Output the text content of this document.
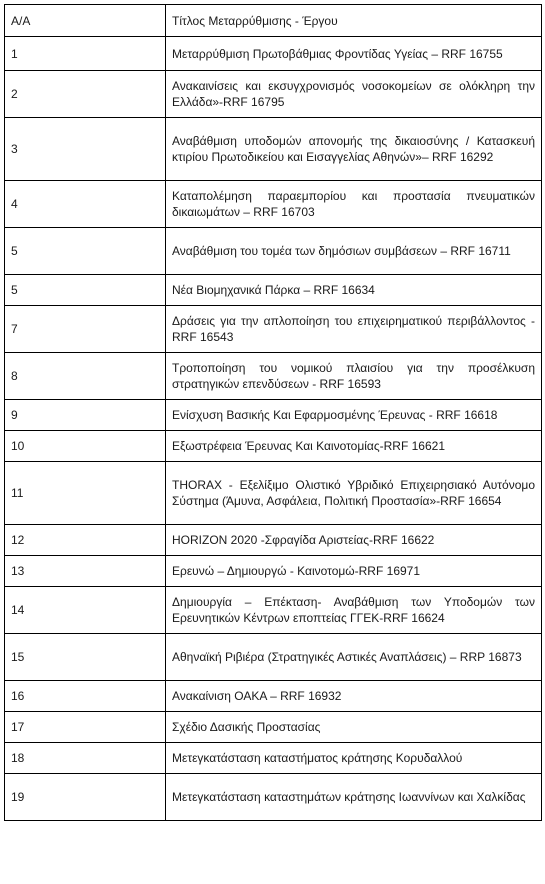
Α/Α	Τίτλος Μεταρρύθμισης - Έργου
1	Μεταρρύθμιση Πρωτοβάθμιας Φροντίδας Υγείας – RRF 16755
2	Ανακαινίσεις και εκσυγχρονισμός νοσοκομείων σε ολόκληρη την Ελλάδα»-RRF 16795
3	Αναβάθμιση υποδομών απονομής της δικαιοσύνης / Κατασκευή κτιρίου Πρωτοδικείου και Εισαγγελίας Αθηνών»– RRF 16292
4	Καταπολέμηση παραεμπορίου και προστασία πνευματικών δικαιωμάτων – RRF 16703
5	Αναβάθμιση του τομέα των δημόσιων συμβάσεων – RRF 16711
5	Νέα Βιομηχανικά Πάρκα – RRF 16634
7	Δράσεις για την απλοποίηση του επιχειρηματικού περιβάλλοντος - RRF 16543
8	Τροποποίηση του νομικού πλαισίου για την προσέλκυση στρατηγικών επενδύσεων - RRF 16593
9	Ενίσχυση Βασικής Και Εφαρμοσμένης Έρευνας - RRF 16618
10	Εξωστρέφεια Έρευνας Και Καινοτομίας-RRF 16621
11	THORAX - Εξελίξιμο Ολιστικό Υβριδικό Επιχειρησιακό Αυτόνομο Σύστημα (Άμυνα, Ασφάλεια, Πολιτική Προστασία»-RRF 16654
12	HORIZON 2020 -Σφραγίδα Αριστείας-RRF 16622
13	Ερευνώ – Δημιουργώ - Καινοτομώ-RRF 16971
14	Δημιουργία – Επέκταση- Αναβάθμιση των Υποδομών των Ερευνητικών Κέντρων εποπτείας ΓΓΕΚ-RRF 16624
15	Αθηναϊκή Ριβιέρα (Στρατηγικές Αστικές Αναπλάσεις) – RRP 16873
16	Ανακαίνιση ΟΑΚΑ – RRF 16932
17	Σχέδιο Δασικής Προστασίας
18	Μετεγκατάσταση καταστήματος κράτησης Κορυδαλλού
19	Μετεγκατάσταση καταστημάτων κράτησης Ιωαννίνων και Χαλκίδας
